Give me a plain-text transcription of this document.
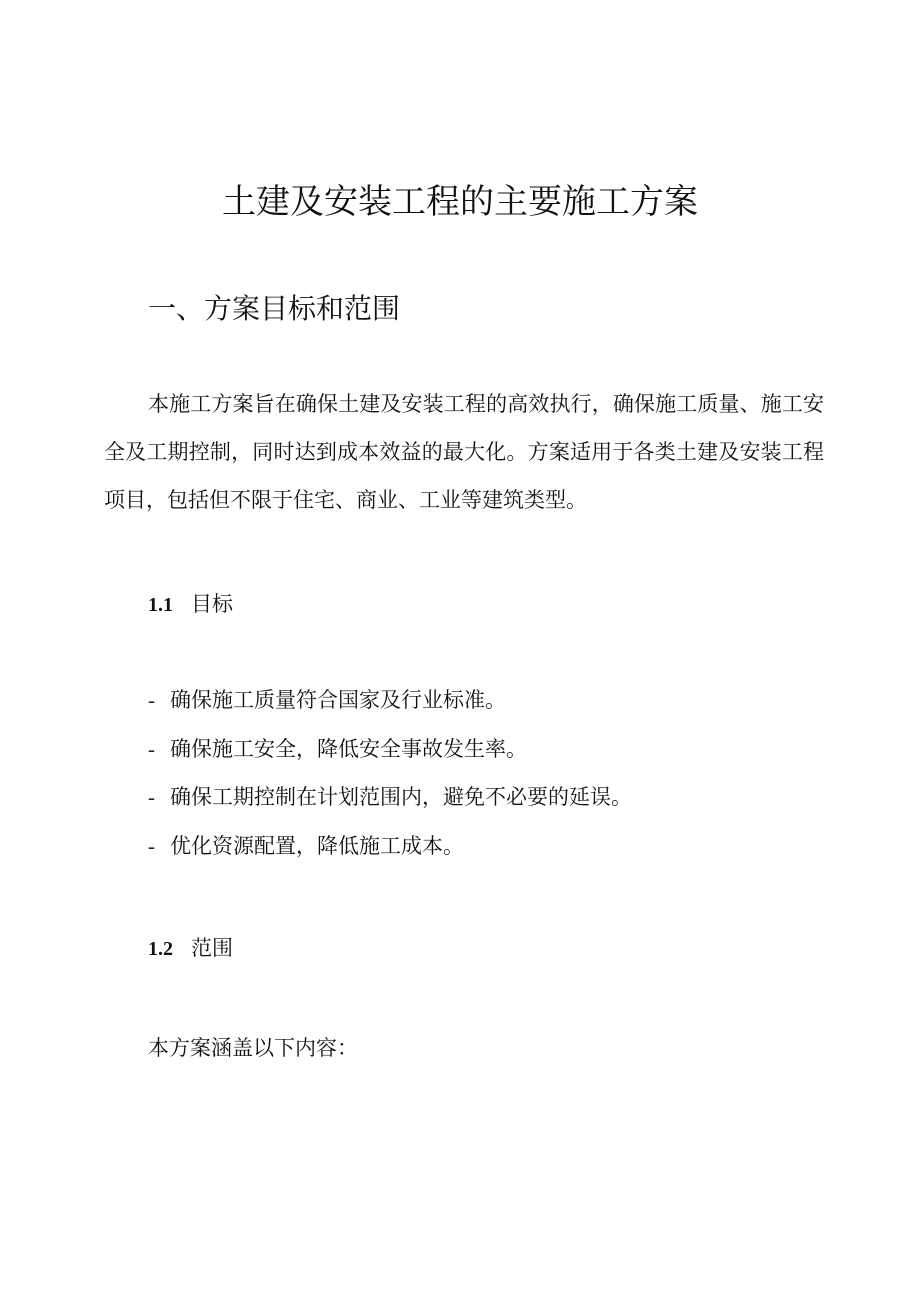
土建及安装工程的主要施工方案
一、方案目标和范围

本施工方案旨在确保土建及安装工程的高效执行，确保施工质量、施工安全及工期控制，同时达到成本效益的最大化。方案适用于各类土建及安装工程项目，包括但不限于住宅、商业、工业等建筑类型。

1.1 目标
- 确保施工质量符合国家及行业标准。
- 确保施工安全，降低安全事故发生率。
- 确保工期控制在计划范围内，避免不必要的延误。
- 优化资源配置，降低施工成本。
1.2 范围

本方案涵盖以下内容：
